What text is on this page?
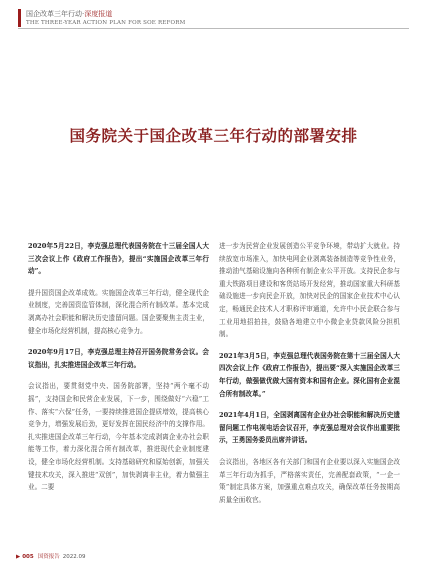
国企改革三年行动·深度报道
THE THREE-YEAR ACTION PLAN FOR SOE REFORM
国务院关于国企改革三年行动的部署安排

2020年5月22日，李克强总理代表国务院在十三届全国人大三次会议上作《政府工作报告》，提出“实施国企改革三年行动”。

提升国资国企改革成效。实施国企改革三年行动，健全现代企业制度，完善国资监管体制，深化混合所有制改革。基本完成剥离办社会职能和解决历史遗留问题。国企要聚焦主责主业，健全市场化经营机制，提高核心竞争力。

2020年9月17日，李克强总理主持召开国务院常务会议。会议指出，扎实推进国企改革三年行动。

会议指出，要贯彻党中央、国务院部署，坚持“两个毫不动摇”，支持国企和民营企业发展，下一步，围绕做好“六稳”工作、落实“六保”任务，一要持续推进国企提质增效，提高核心竞争力，增强发展后劲，更好发挥在国民经济中的支撑作用。扎实推进国企改革三年行动，今年基本完成剥离企业办社会职能等工作，着力深化混合所有制改革，推进现代企业制度建设，健全市场化经营机制。支持基础研究和原始创新，加强关键技术攻关，深入推进“双创”，加快剥离非主业，着力做强主业。二要

进一步为民营企业发展创造公平竞争环境，带动扩大就业。持续放宽市场准入，加快电网企业剥离装备制造等竞争性业务，推动油气基础设施向各种所有制企业公平开放。支持民企参与重大铁路项目建设和客货站场开发经营，推动国家重大科研基础设施进一步向民企开放，加快对民企的国家企业技术中心认定，畅通民企技术人才职称评审通道，允许中小民企联合参与工业用地招拍挂，鼓励各地建立中小微企业贷款风险分担机制。

2021年3月5日，李克强总理代表国务院在第十三届全国人大四次会议上作《政府工作报告》，提出要“深入实施国企改革三年行动，做强做优做大国有资本和国有企业。深化国有企业混合所有制改革。”

2021年4月1日，全国剥离国有企业办社会职能和解决历史遗留问题工作电视电话会议召开，李克强总理对会议作出重要批示，王勇国务委员出席并讲话。

会议指出，各地区各有关部门和国有企业要以深入实施国企改革三年行动为抓手，严格落实责任，完善配套政策，“一企一策”制定具体方案，加强重点难点攻关，确保改革任务按期高质量全面收官。

▶ 005 国资报告 2022.09
